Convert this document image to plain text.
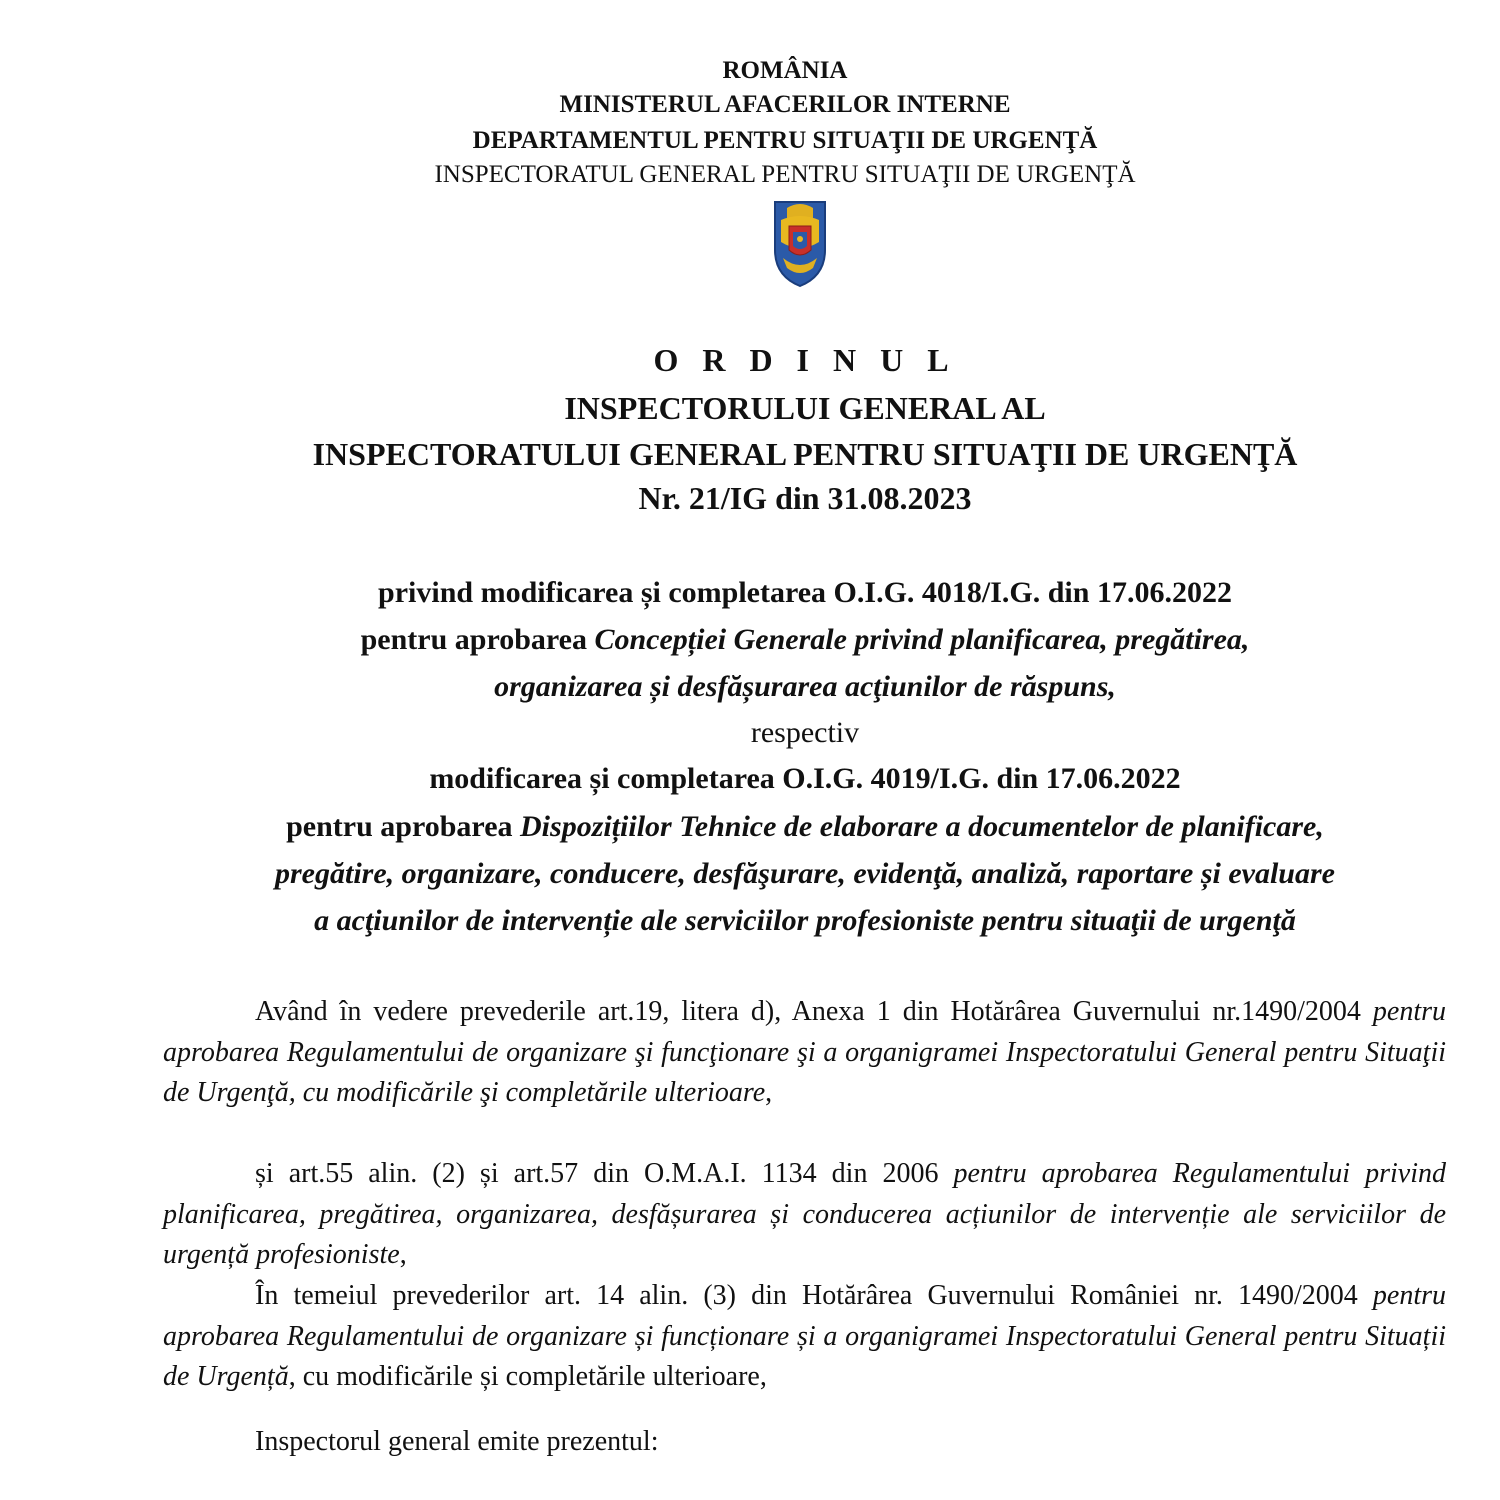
ROMÂNIA
MINISTERUL AFACERILOR INTERNE
DEPARTAMENTUL PENTRU SITUAŢII DE URGENŢĂ
INSPECTORATUL GENERAL PENTRU SITUAŢII DE URGENŢĂ
O R D I N U L
INSPECTORULUI GENERAL AL
INSPECTORATULUI GENERAL PENTRU SITUAŢII DE URGENŢĂ
Nr. 21/IG din 31.08.2023
privind modificarea și completarea O.I.G. 4018/I.G. din 17.06.2022
pentru aprobarea Concepției Generale privind planificarea, pregătirea,
organizarea și desfășurarea acţiunilor de răspuns,
respectiv
modificarea și completarea O.I.G. 4019/I.G. din 17.06.2022
pentru aprobarea Dispozițiilor Tehnice de elaborare a documentelor de planificare,
pregătire, organizare, conducere, desfăşurare, evidenţă, analiză, raportare și evaluare
a acţiunilor de intervenție ale serviciilor profesioniste pentru situaţii de urgenţă

Având în vedere prevederile art.19, litera d), Anexa 1 din Hotărârea Guvernului nr.1490/2004 pentru aprobarea Regulamentului de organizare şi funcţionare şi a organigramei Inspectoratului General pentru Situaţii de Urgenţă, cu modificările şi completările ulterioare,

și art.55 alin. (2) și art.57 din O.M.A.I. 1134 din 2006 pentru aprobarea Regulamentului privind planificarea, pregătirea, organizarea, desfășurarea și conducerea acțiunilor de intervenție ale serviciilor de urgență profesioniste,

În temeiul prevederilor art. 14 alin. (3) din Hotărârea Guvernului României nr. 1490/2004 pentru aprobarea Regulamentului de organizare și funcționare și a organigramei Inspectoratului General pentru Situații de Urgență, cu modificările și completările ulterioare,

Inspectorul general emite prezentul:
